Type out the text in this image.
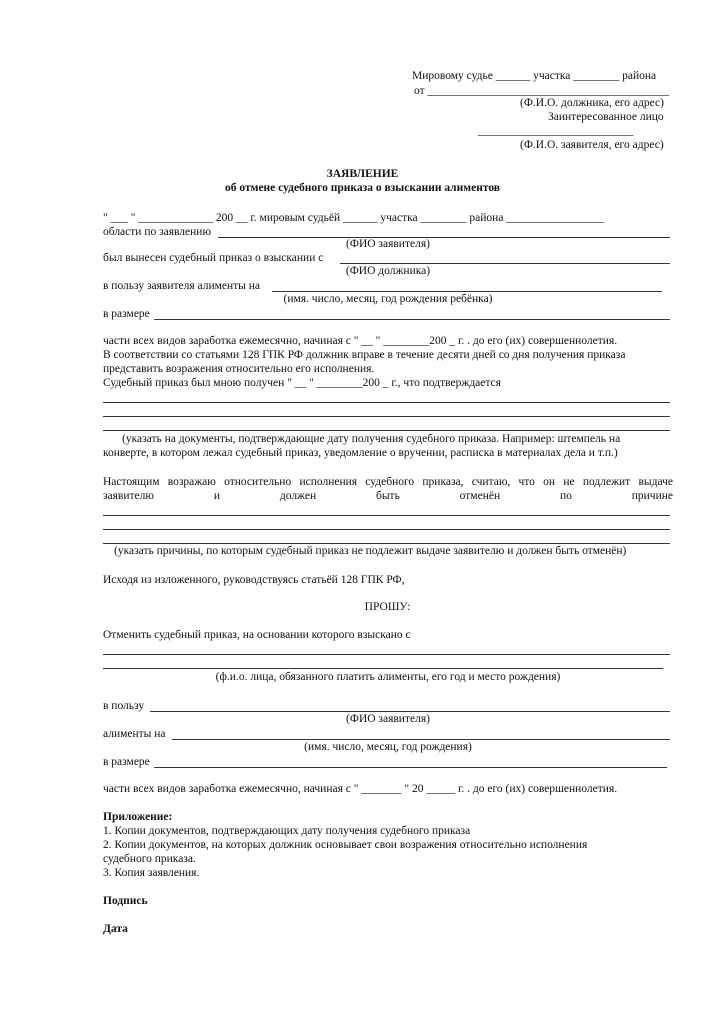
Мировому судье ______ участка ________ района
от __________________________________________
(Ф.И.О. должника, его адрес)
Заинтересованное лицо
___________________________
(Ф.И.О. заявителя, его адрес)
ЗАЯВЛЕНИЕ
об отмене судебного приказа о взыскании алиментов
" ___ " _____________ 200 __ г. мировым судьёй ______ участка ________ района _________________
области по заявлению
(ФИО заявителя)
был вынесен судебный приказ о взыскании с
(ФИО должника)
в пользу заявителя алименты на
(имя. число, месяц, год рождения ребёнка)
в размере
части всех видов заработка ежемесячно, начиная с " __ " ________200 _ г. . до его (их) совершеннолетия.
В соответствии со статьями 128 ГПК РФ должник вправе в течение десяти дней со дня получения приказа
представить возражения относительно его исполнения.
Судебный приказ был мною получен " __ " ________200 _ г., что подтверждается
(указать на документы, подтверждающие дату получения судебного приказа. Например: штемпель на
конверте, в котором лежал судебный приказ, уведомление о вручении, расписка в материалах дела и т.п.)
Настоящим возражаю относительно исполнения судебного приказа, считаю, что он не подлежит выдаче
заявителю и должен быть отменён по причине
(указать причины, по которым судебный приказ не подлежит выдаче заявителю и должен быть отменён)
Исходя из изложенного, руководствуясь статьёй 128 ГПК РФ,
ПРОШУ:
Отменить судебный приказ, на основании которого взыскано с
(ф.и.о. лица, обязанного платить алименты, его год и место рождения)
в пользу
(ФИО заявителя)
алименты на
(имя. число, месяц, год рождения)
в размере
части всех видов заработка ежемесячно, начиная с " _______ " 20 _____ г. . до его (их) совершеннолетия.
Приложение:
1. Копии документов, подтверждающих дату получения судебного приказа
2. Копии документов, на которых должник основывает свои возражения относительно исполнения
судебного приказа.
3. Копия заявления.
Подпись
Дата
